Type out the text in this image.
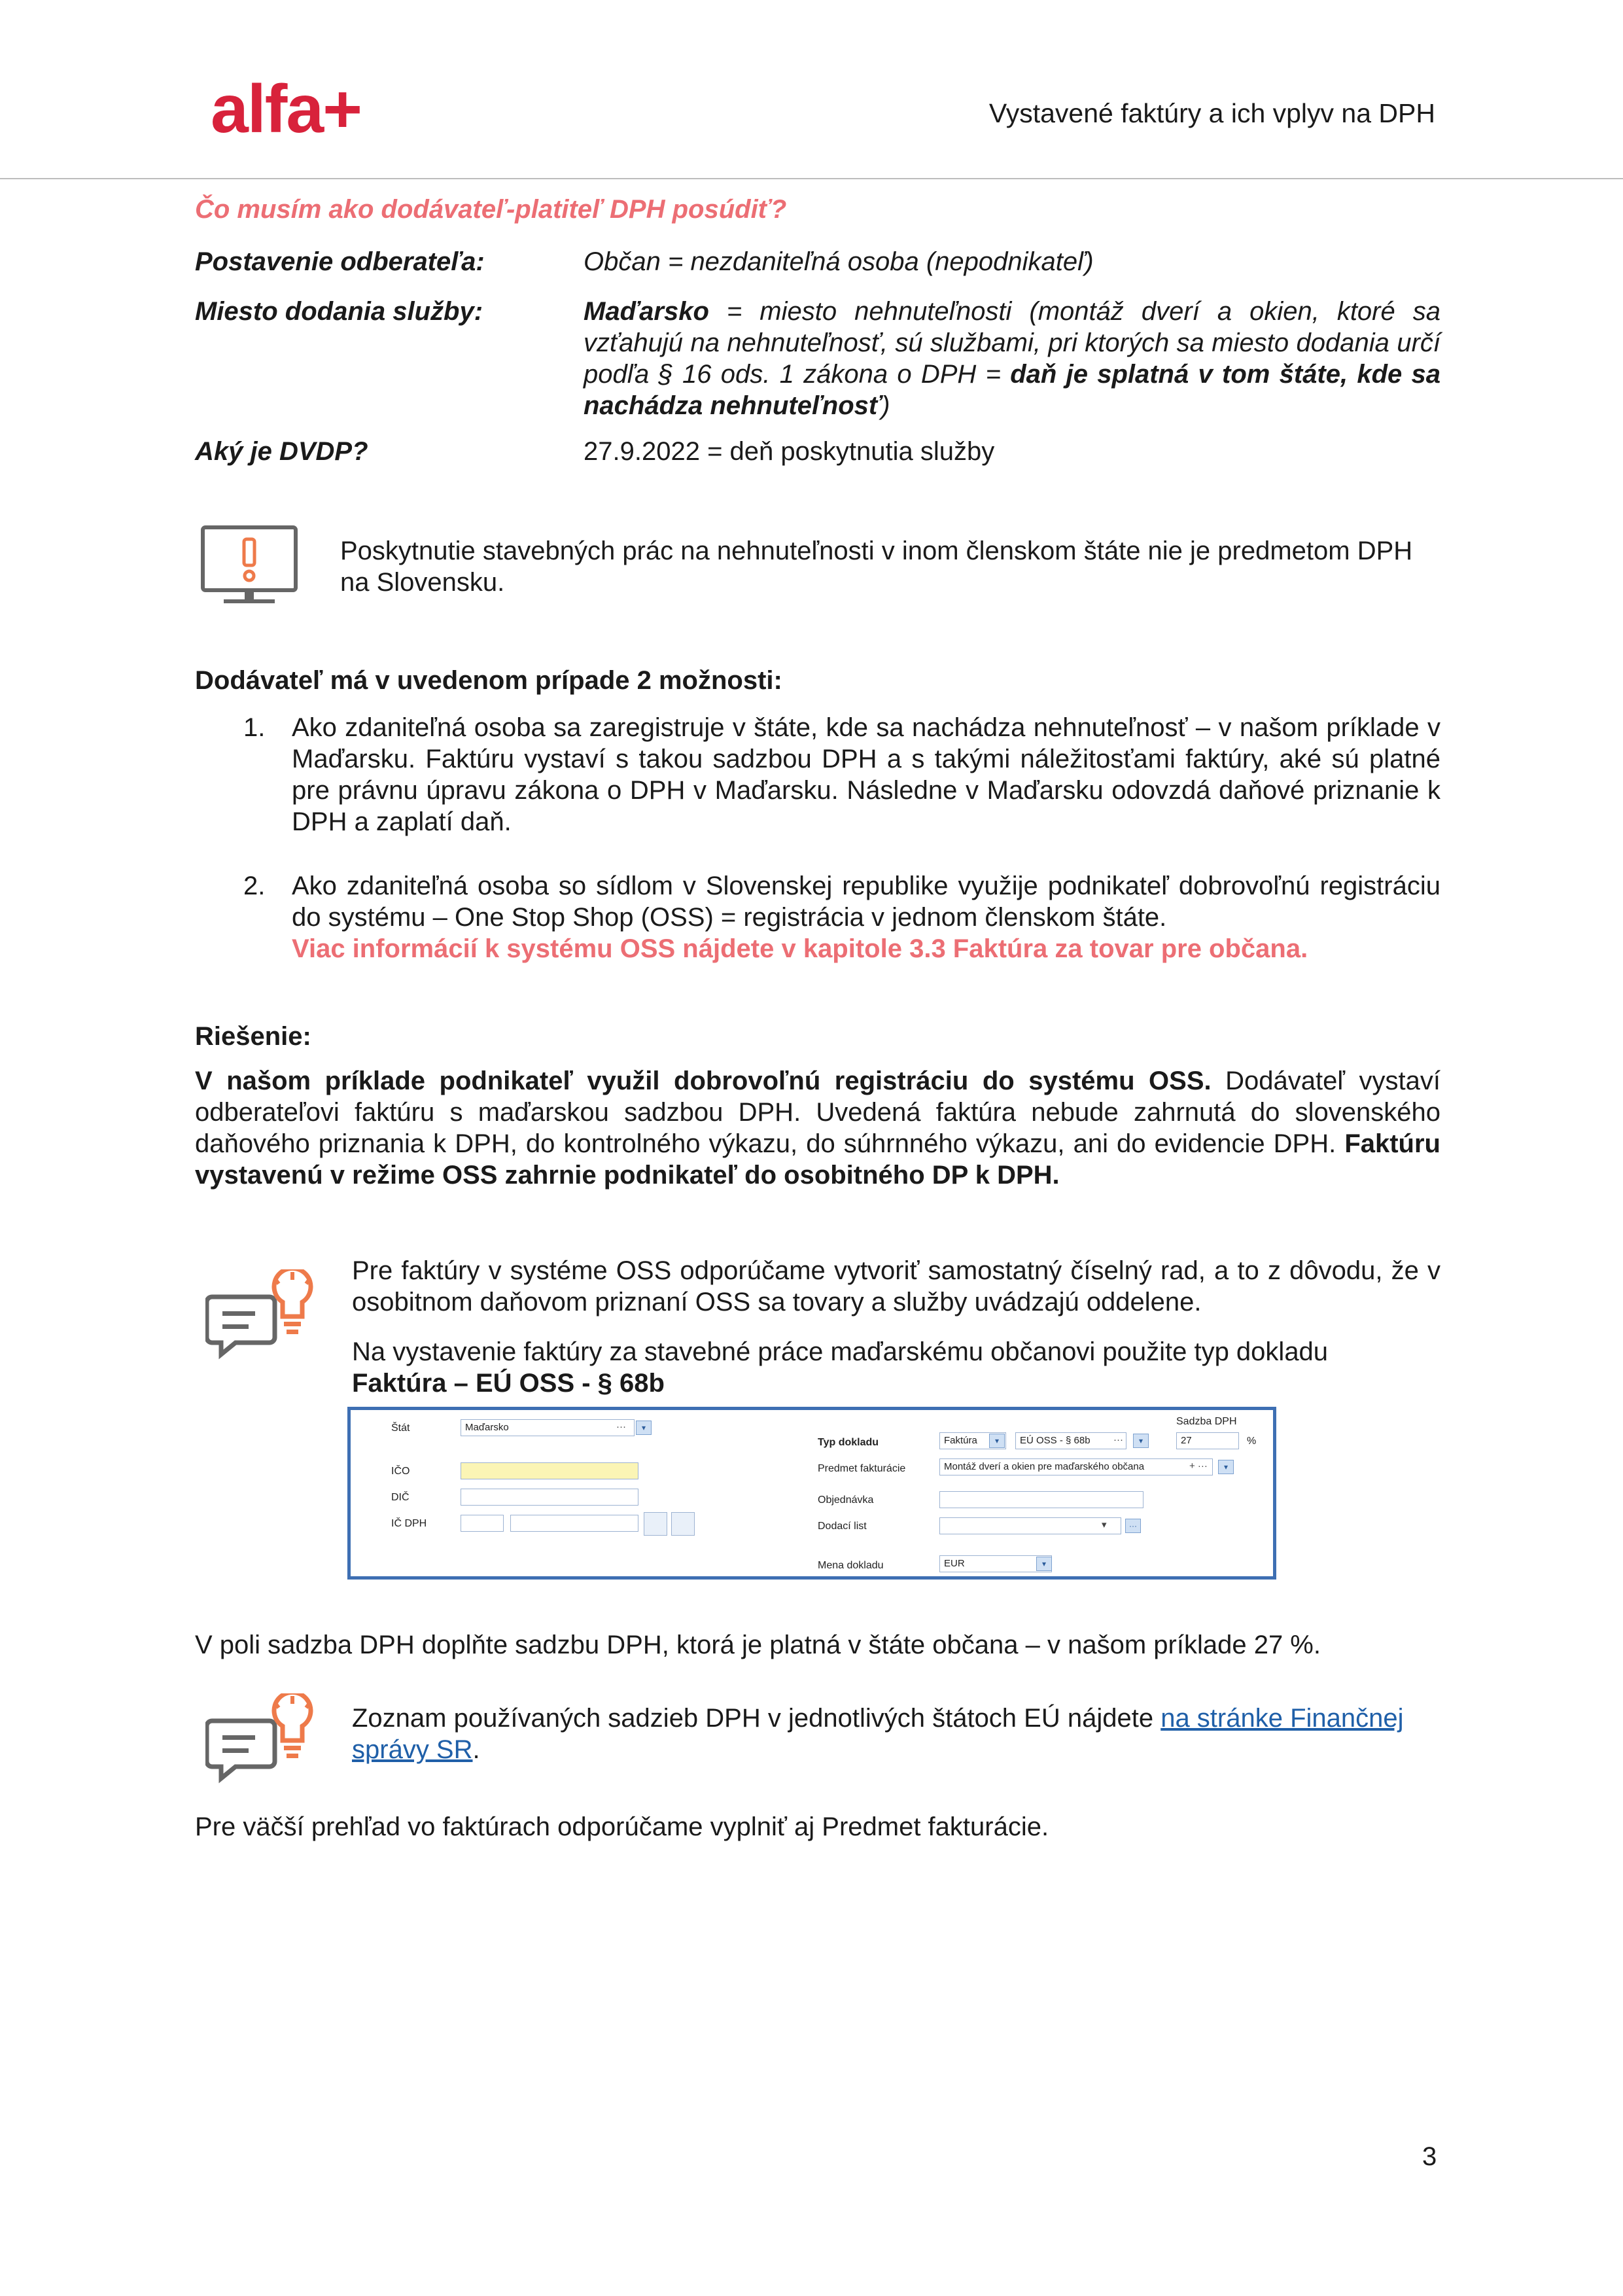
alfa+	Vystavené faktúry a ich vplyv na DPH
Čo musím ako dodávateľ-platiteľ DPH posúdiť?
Postavenie odberateľa:	Občan = nezdaniteľná osoba (nepodnikateľ)
Miesto dodania služby:	Maďarsko = miesto nehnuteľnosti (montáž dverí a okien, ktoré sa vzťahujú na nehnuteľnosť, sú službami, pri ktorých sa miesto dodania určí podľa § 16 ods. 1 zákona o DPH = daň je splatná v tom štáte, kde sa nachádza nehnuteľnosť)
Aký je DVDP?	27.9.2022 = deň poskytnutia služby
Poskytnutie stavebných prác na nehnuteľnosti v inom členskom štáte nie je predmetom DPH na Slovensku.
Dodávateľ má v uvedenom prípade 2 možnosti:
1. Ako zdaniteľná osoba sa zaregistruje v štáte, kde sa nachádza nehnuteľnosť – v našom príklade v Maďarsku. Faktúru vystaví s takou sadzbou DPH a s takými náležitosťami faktúry, aké sú platné pre právnu úpravu zákona o DPH v Maďarsku. Následne v Maďarsku odovzdá daňové priznanie k DPH a zaplatí daň.
2. Ako zdaniteľná osoba so sídlom v Slovenskej republike využije podnikateľ dobrovoľnú registráciu do systému – One Stop Shop (OSS) = registrácia v jednom členskom štáte.
Viac informácií k systému OSS nájdete v kapitole 3.3 Faktúra za tovar pre občana.
Riešenie:
V našom príklade podnikateľ využil dobrovoľnú registráciu do systému OSS. Dodávateľ vystaví odberateľovi faktúru s maďarskou sadzbou DPH. Uvedená faktúra nebude zahrnutá do slovenského daňového priznania k DPH, do kontrolného výkazu, do súhrnného výkazu, ani do evidencie DPH. Faktúru vystavenú v režime OSS zahrnie podnikateľ do osobitného DP k DPH.
Pre faktúry v systéme OSS odporúčame vytvoriť samostatný číselný rad, a to z dôvodu, že v osobitnom daňovom priznaní OSS sa tovary a služby uvádzajú oddelene.
Na vystavenie faktúry za stavebné práce maďarskému občanovi použite typ dokladu
Faktúra – EÚ OSS - § 68b
Štát	Maďarsko	···	▾
IČO
DIČ
IČ DPH
Sadzba DPH
Typ dokladu	Faktúra	▾	EÚ OSS - § 68b	···	▾	27	%
Predmet fakturácie	Montáž dverí a okien pre maďarského občana	+ ···	▾
Objednávka
Dodací list	▾	···
Mena dokladu	EUR	▾
V poli sadzba DPH doplňte sadzbu DPH, ktorá je platná v štáte občana – v našom príklade 27 %.
Zoznam používaných sadzieb DPH v jednotlivých štátoch EÚ nájdete na stránke Finančnej správy SR.
Pre väčší prehľad vo faktúrach odporúčame vyplniť aj Predmet fakturácie.
3
